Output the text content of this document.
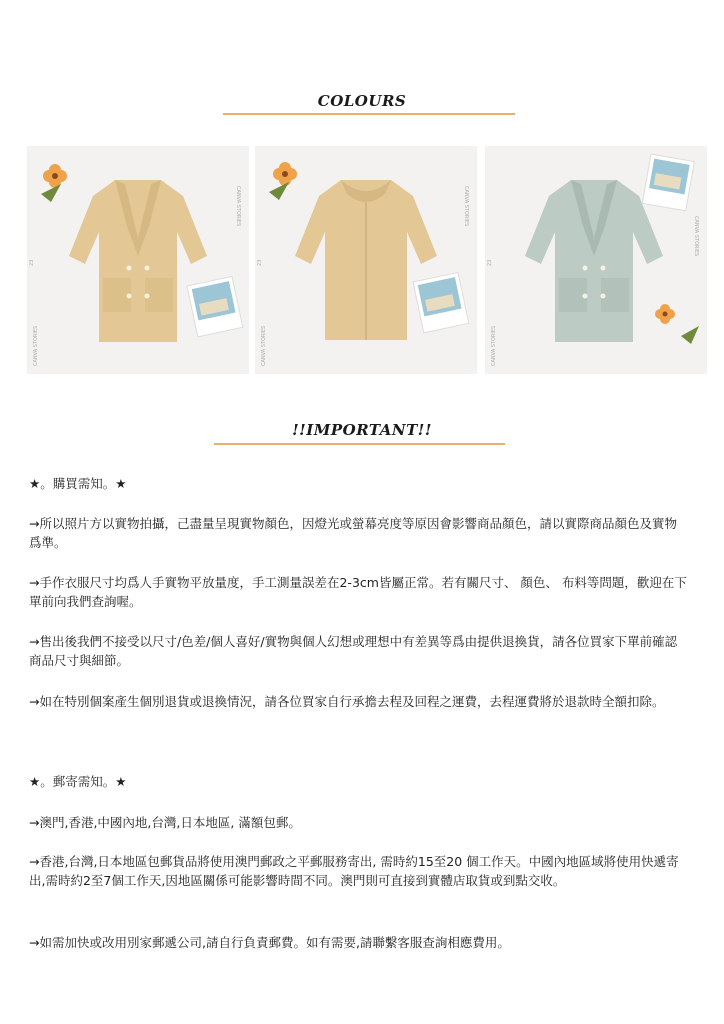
COLOURS
CANVA STORIES
CANVA STORIES
23
CANVA STORIES
CANVA STORIES
23
CANVA STORIES
CANVA STORIES
23
!!IMPORTANT!!

★。購買需知。★

→所以照片方以實物拍攝，己盡量呈現實物顏色，因燈光或螢幕亮度等原因會影響商品顏色，請以實際商品顏色及實物爲準。

→手作衣服尺寸均爲人手實物平放量度，手工測量誤差在2-3cm皆屬正常。若有關尺寸、 顏色、 布料等問題，歡迎在下單前向我們查詢喔。

→售出後我們不接受以尺寸/色差/個人喜好/實物與個人幻想或理想中有差異等爲由提供退換貨，請各位買家下單前確認商品尺寸與細節。

→如在特別個案產生個別退貨或退換情況，請各位買家自行承擔去程及回程之運費，去程運費將於退款時全額扣除。

★。郵寄需知。★

→澳門,香港,中國內地,台灣,日本地區, 滿額包郵。

→香港,台灣,日本地區包郵貨品將使用澳門郵政之平郵服務寄出, 需時約15至20 個工作天。中國內地區域將使用快遞寄出,需時約2至7個工作天,因地區關係可能影響時間不同。澳門則可直接到實體店取貨或到點交收。

→如需加快或改用別家郵遞公司,請自行負責郵費。如有需要,請聯繫客服查詢相應費用。
